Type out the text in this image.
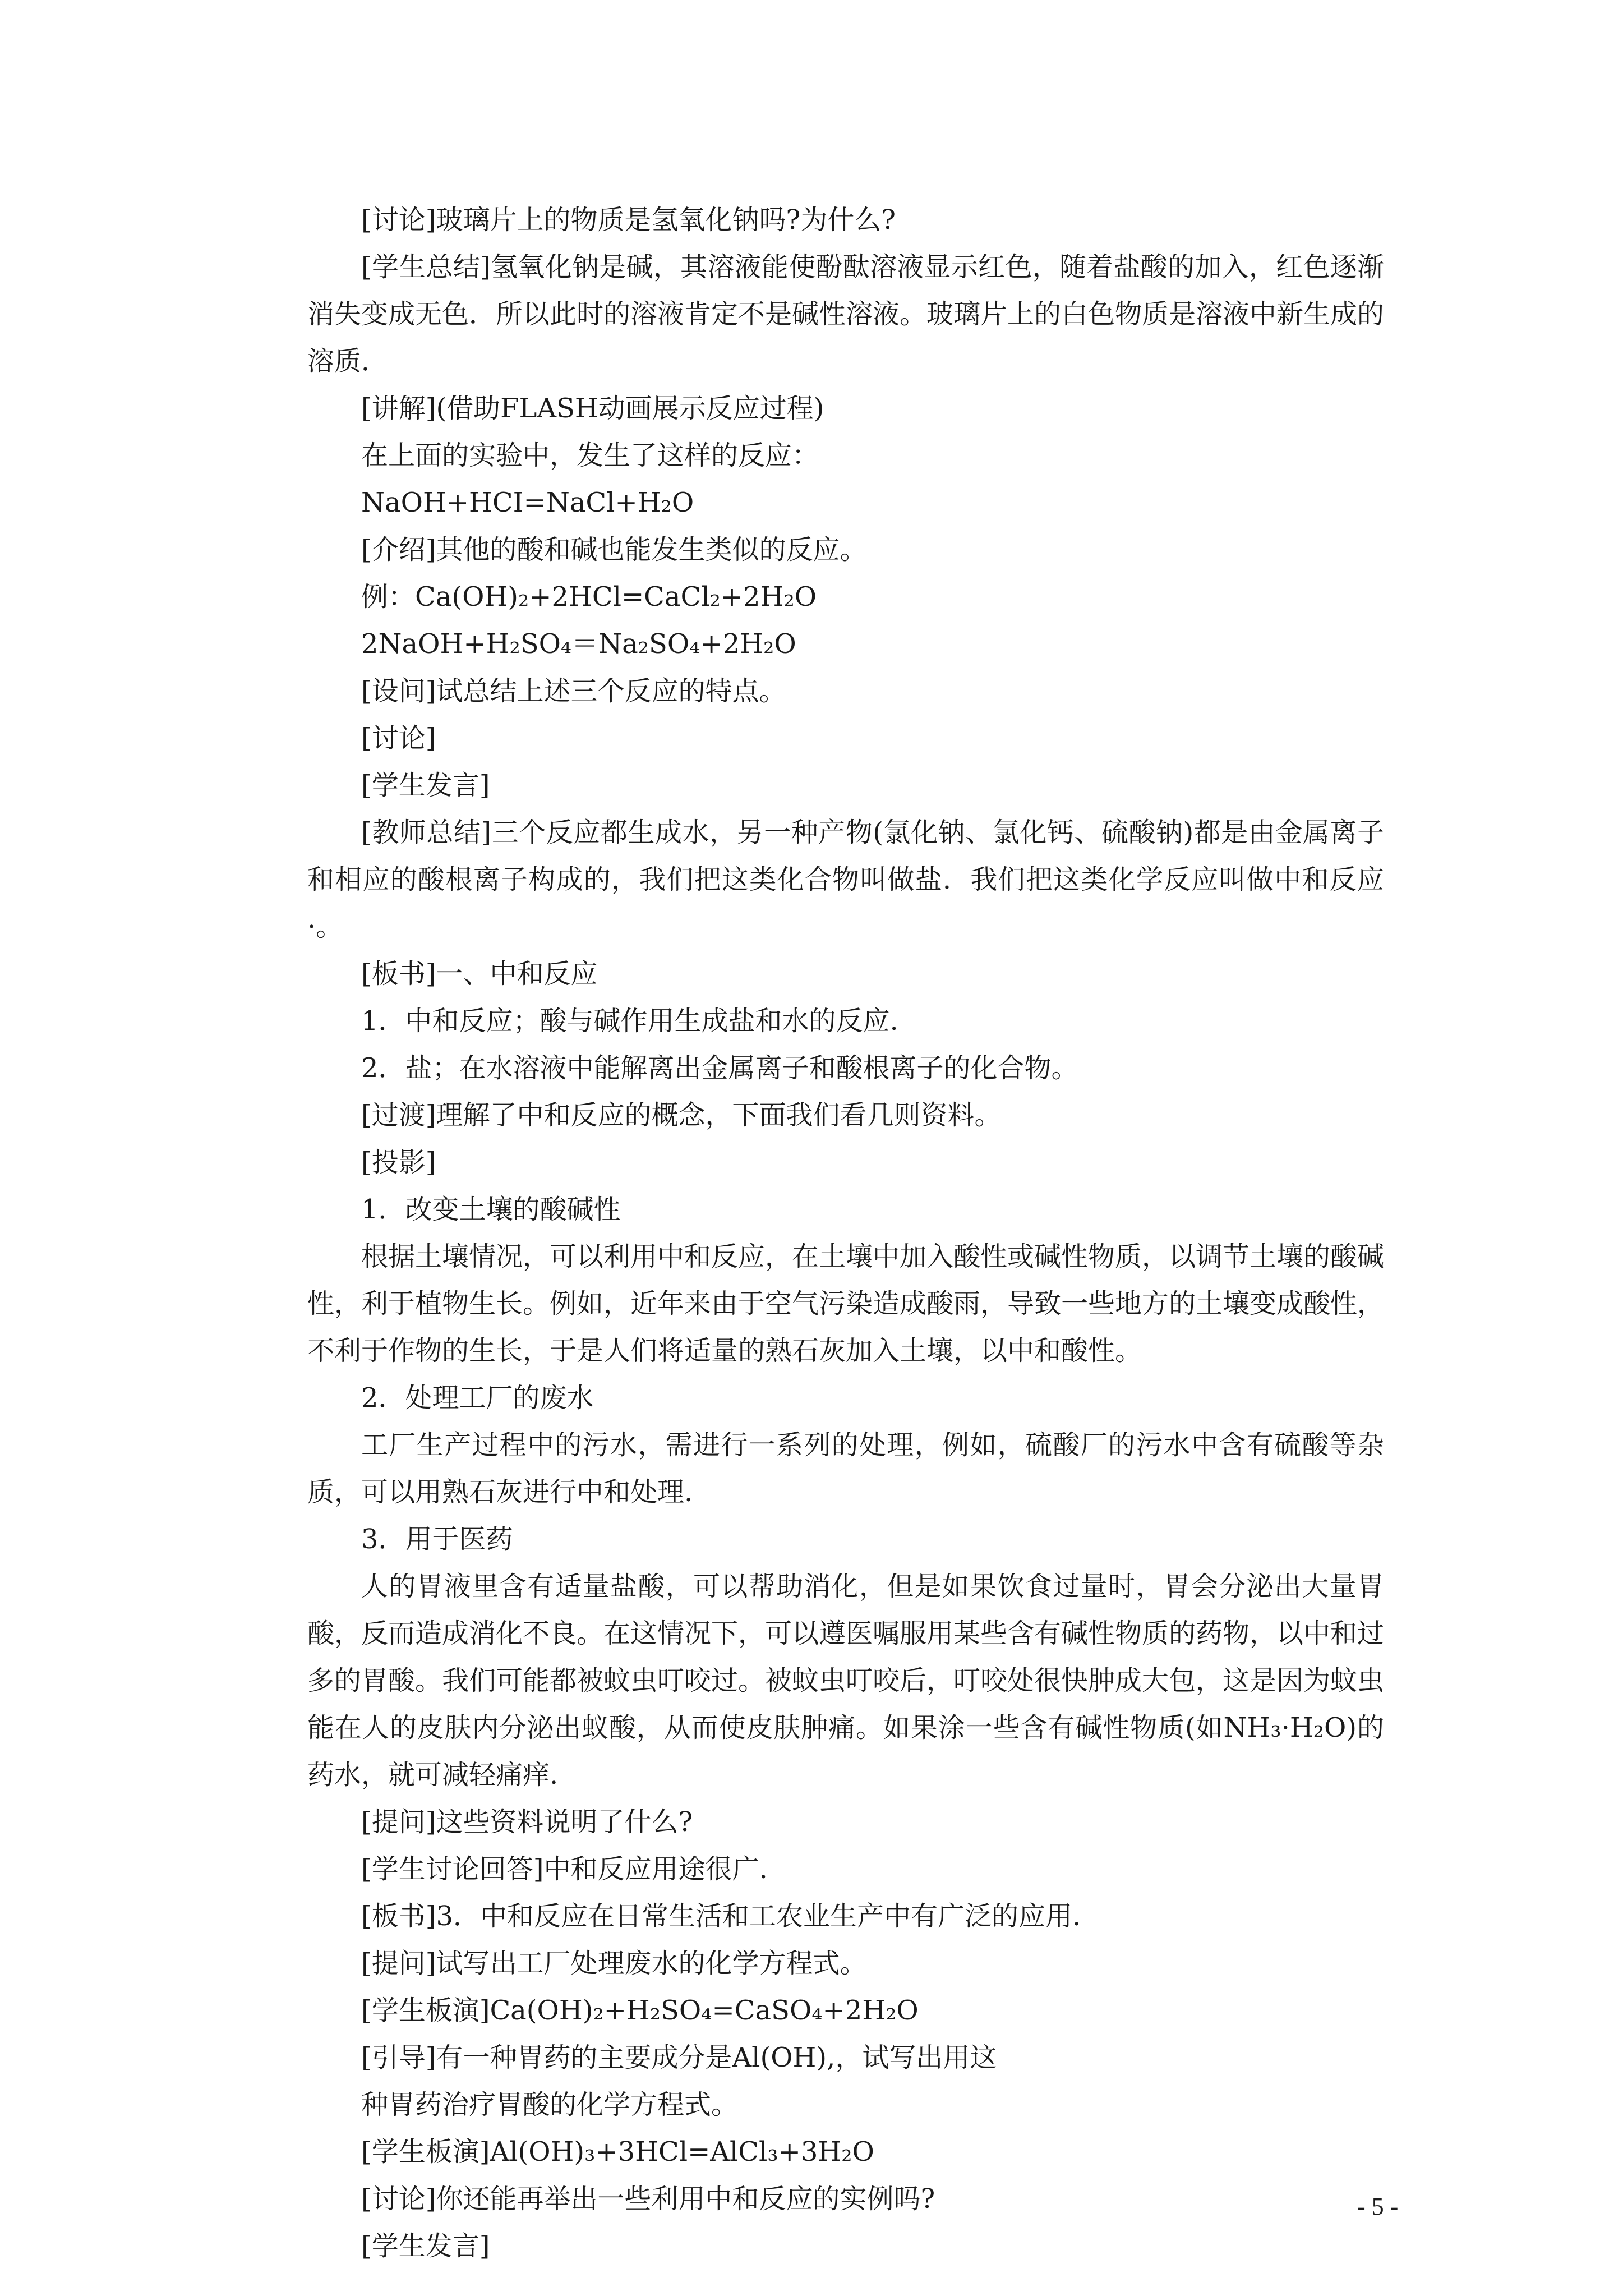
[讨论]玻璃片上的物质是氢氧化钠吗?为什么?

[学生总结]氢氧化钠是碱，其溶液能使酚酞溶液显示红色，随着盐酸的加入，红色逐渐消失变成无色．所以此时的溶液肯定不是碱性溶液。玻璃片上的白色物质是溶液中新生成的溶质．

[讲解](借助FLASH动画展示反应过程)

在上面的实验中，发生了这样的反应：

NaOH+HCI=NaCl+H₂O

[介绍]其他的酸和碱也能发生类似的反应。

例：Ca(OH)₂+2HCl=CaCl₂+2H₂O

2NaOH+H₂SO₄＝Na₂SO₄+2H₂O

[设问]试总结上述三个反应的特点。

[讨论]

[学生发言]

[教师总结]三个反应都生成水，另一种产物(氯化钠、氯化钙、硫酸钠)都是由金属离子和相应的酸根离子构成的，我们把这类化合物叫做盐．我们把这类化学反应叫做中和反应·。

[板书]一、中和反应

1．中和反应；酸与碱作用生成盐和水的反应.

2．盐；在水溶液中能解离出金属离子和酸根离子的化合物。

[过渡]理解了中和反应的概念，下面我们看几则资料。

[投影]

1．改变土壤的酸碱性

根据土壤情况，可以利用中和反应，在土壤中加入酸性或碱性物质，以调节土壤的酸碱性，利于植物生长。例如，近年来由于空气污染造成酸雨，导致一些地方的土壤变成酸性，不利于作物的生长，于是人们将适量的熟石灰加入土壤，以中和酸性。

2．处理工厂的废水

工厂生产过程中的污水，需进行一系列的处理，例如，硫酸厂的污水中含有硫酸等杂质，可以用熟石灰进行中和处理.

3．用于医药

人的胃液里含有适量盐酸，可以帮助消化，但是如果饮食过量时，胃会分泌出大量胃酸，反而造成消化不良。在这情况下，可以遵医嘱服用某些含有碱性物质的药物，以中和过多的胃酸。我们可能都被蚊虫叮咬过。被蚊虫叮咬后，叮咬处很快肿成大包，这是因为蚊虫能在人的皮肤内分泌出蚁酸，从而使皮肤肿痛。如果涂一些含有碱性物质(如NH₃·H₂O)的药水，就可减轻痛痒.

[提问]这些资料说明了什么?

[学生讨论回答]中和反应用途很广.

[板书]3．中和反应在日常生活和工农业生产中有广泛的应用.

[提问]试写出工厂处理废水的化学方程式。

[学生板演]Ca(OH)₂+H₂SO₄=CaSO₄+2H₂O

[引导]有一种胃药的主要成分是Al(OH),，试写出用这

种胃药治疗胃酸的化学方程式。

[学生板演]Al(OH)₃+3HCl=AlCl₃+3H₂O

[讨论]你还能再举出一些利用中和反应的实例吗?

[学生发言]

- 5 -
